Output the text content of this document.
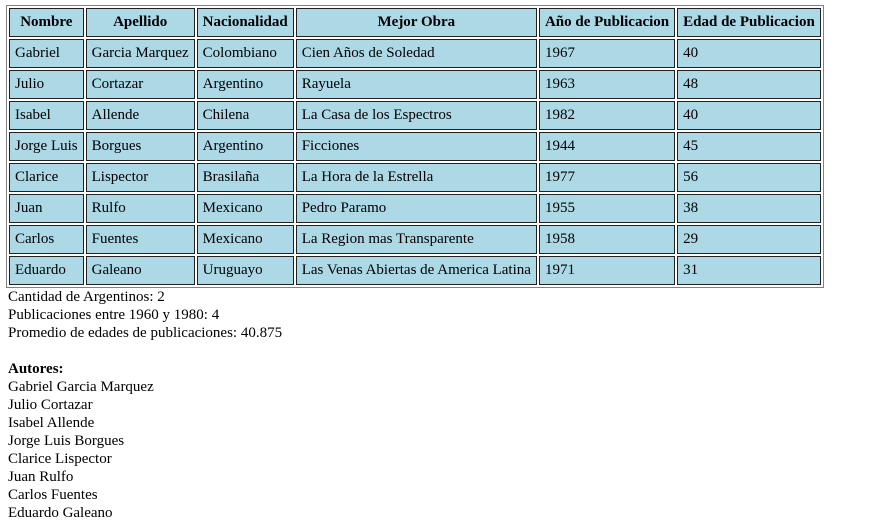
Nombre	Apellido	Nacionalidad	Mejor Obra	Año de Publicacion	Edad de Publicacion
Gabriel	Garcia Marquez	Colombiano	Cien Años de Soledad	1967	40
Julio	Cortazar	Argentino	Rayuela	1963	48
Isabel	Allende	Chilena	La Casa de los Espectros	1982	40
Jorge Luis	Borgues	Argentino	Ficciones	1944	45
Clarice	Lispector	Brasilaña	La Hora de la Estrella	1977	56
Juan	Rulfo	Mexicano	Pedro Paramo	1955	38
Carlos	Fuentes	Mexicano	La Region mas Transparente	1958	29
Eduardo	Galeano	Uruguayo	Las Venas Abiertas de America Latina	1971	31
Cantidad de Argentinos: 2
Publicaciones entre 1960 y 1980: 4
Promedio de edades de publicaciones: 40.875
Autores:
Gabriel Garcia Marquez
Julio Cortazar
Isabel Allende
Jorge Luis Borgues
Clarice Lispector
Juan Rulfo
Carlos Fuentes
Eduardo Galeano
